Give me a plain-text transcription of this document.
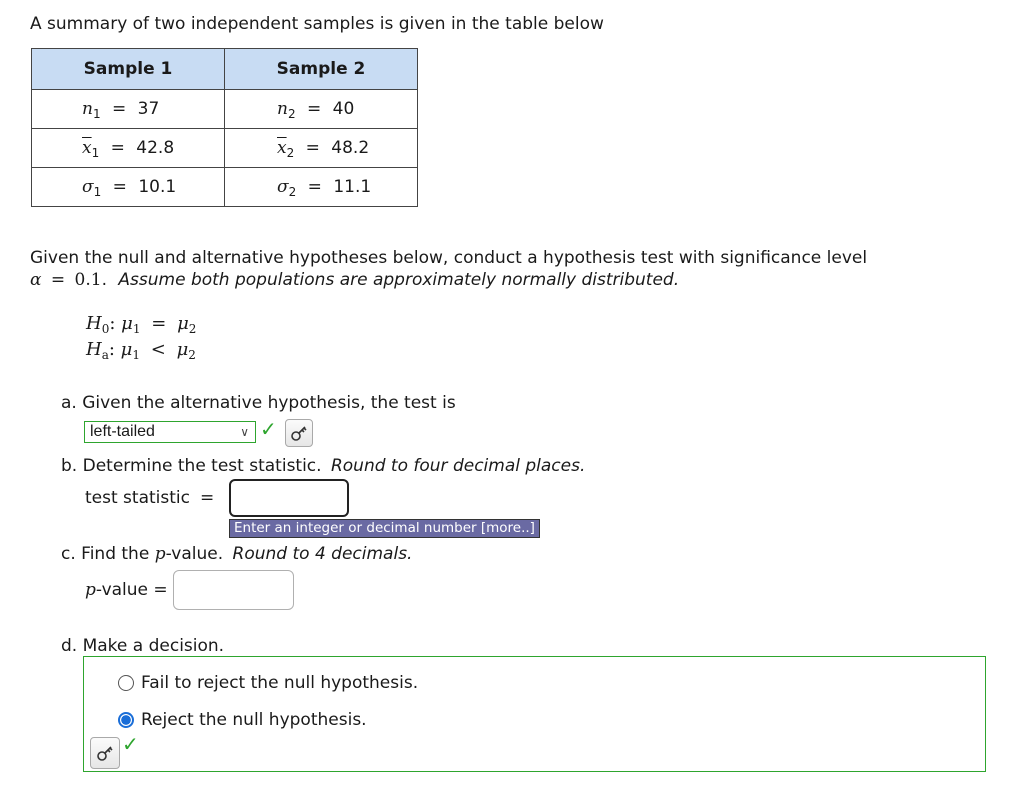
A summary of two independent samples is given in the table below
Sample 1	Sample 2

$n_1 = 37$	$n_2 = 40$

$\overline{x}_1 = 42.8$	$\overline{x}_2 = 48.2$

$\sigma_1 = 10.1$	$\sigma_2 = 11.1$
Given the null and alternative hypotheses below, conduct a hypothesis test with significance level
α = 0.1. Assume both populations are approximately normally distributed.
$H_0$: $\mu_1 = \mu_2$
$H_a$: $\mu_1 < \mu_2$
a. Given the alternative hypothesis, the test is
left-tailed	∨ ✓
b. Determine the test statistic. Round to four decimal places.
test statistic =
Enter an integer or decimal number [more..]
c. Find the p-value. Round to 4 decimals.
p-value =
d. Make a decision.
Fail to reject the null hypothesis.
Reject the null hypothesis.
✓
